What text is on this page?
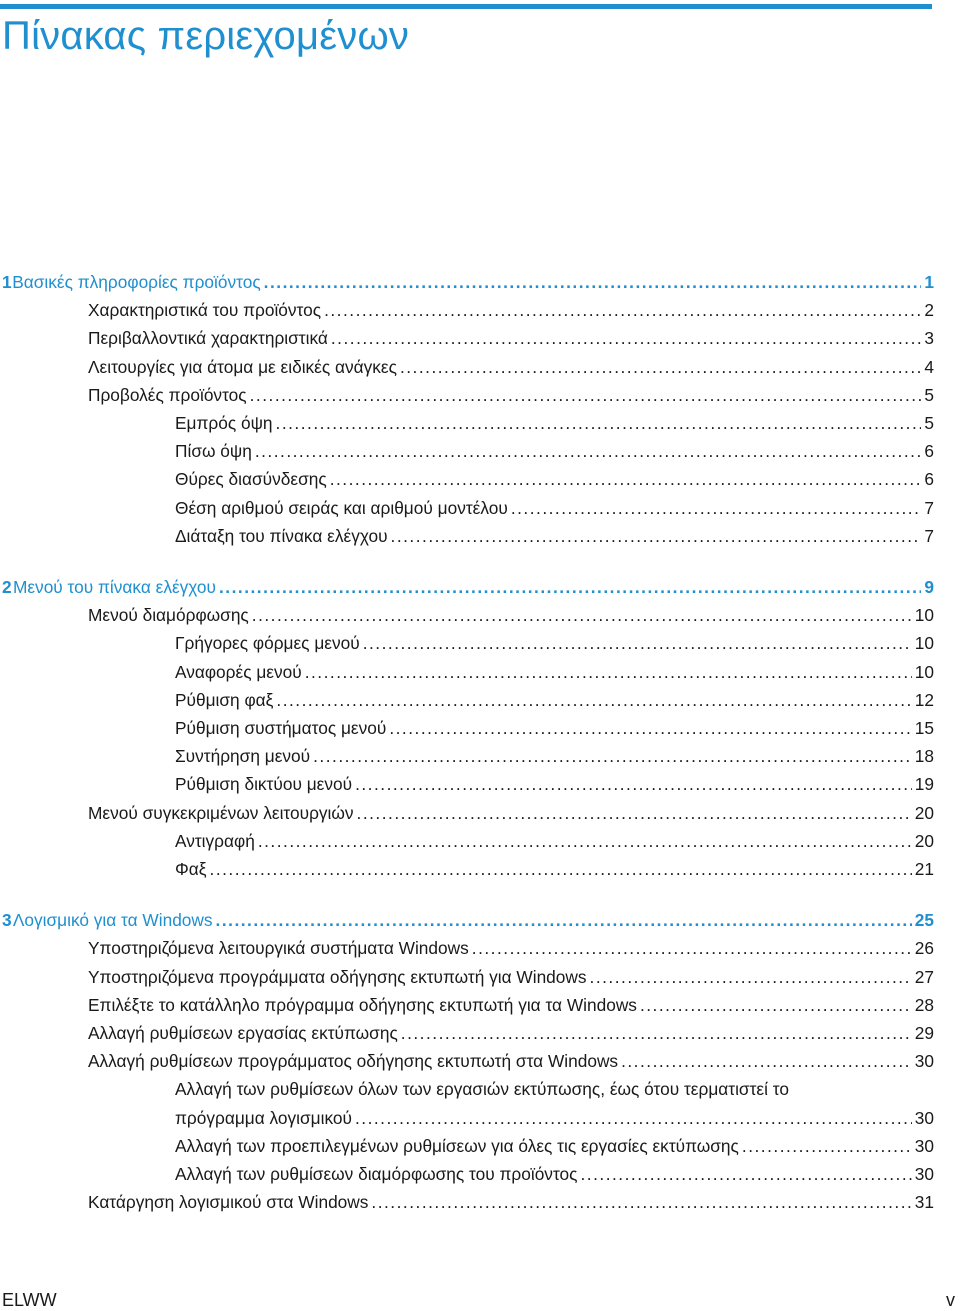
Πίνακας περιεχομένων
1 Βασικές πληροφορίες προϊόντος .....	1
Χαρακτηριστικά του προϊόντος .....	2
Περιβαλλοντικά χαρακτηριστικά .....	3
Λειτουργίες για άτομα με ειδικές ανάγκες .....	4
Προβολές προϊόντος .....	5
Εμπρός όψη .....	5
Πίσω όψη .....	6
Θύρες διασύνδεσης .....	6
Θέση αριθμού σειράς και αριθμού μοντέλου .....	7
Διάταξη του πίνακα ελέγχου .....	7
2 Μενού του πίνακα ελέγχου .....	9
Μενού διαμόρφωσης .....	10
Γρήγορες φόρμες μενού .....	10
Αναφορές μενού .....	10
Ρύθμιση φαξ .....	12
Ρύθμιση συστήματος μενού .....	15
Συντήρηση μενού .....	18
Ρύθμιση δικτύου μενού .....	19
Μενού συγκεκριμένων λειτουργιών .....	20
Αντιγραφή .....	20
Φαξ .....	21
3 Λογισμικό για τα Windows .....	25
Υποστηριζόμενα λειτουργικά συστήματα Windows .....	26
Υποστηριζόμενα προγράμματα οδήγησης εκτυπωτή για Windows .....	27
Επιλέξτε το κατάλληλο πρόγραμμα οδήγησης εκτυπωτή για τα Windows .....	28
Αλλαγή ρυθμίσεων εργασίας εκτύπωσης .....	29
Αλλαγή ρυθμίσεων προγράμματος οδήγησης εκτυπωτή στα Windows .....	30
Αλλαγή των ρυθμίσεων όλων των εργασιών εκτύπωσης, έως ότου τερματιστεί το
πρόγραμμα λογισμικού .....	30
Αλλαγή των προεπιλεγμένων ρυθμίσεων για όλες τις εργασίες εκτύπωσης .....	30
Αλλαγή των ρυθμίσεων διαμόρφωσης του προϊόντος .....	30
Κατάργηση λογισμικού στα Windows .....	31
ELWW	v
